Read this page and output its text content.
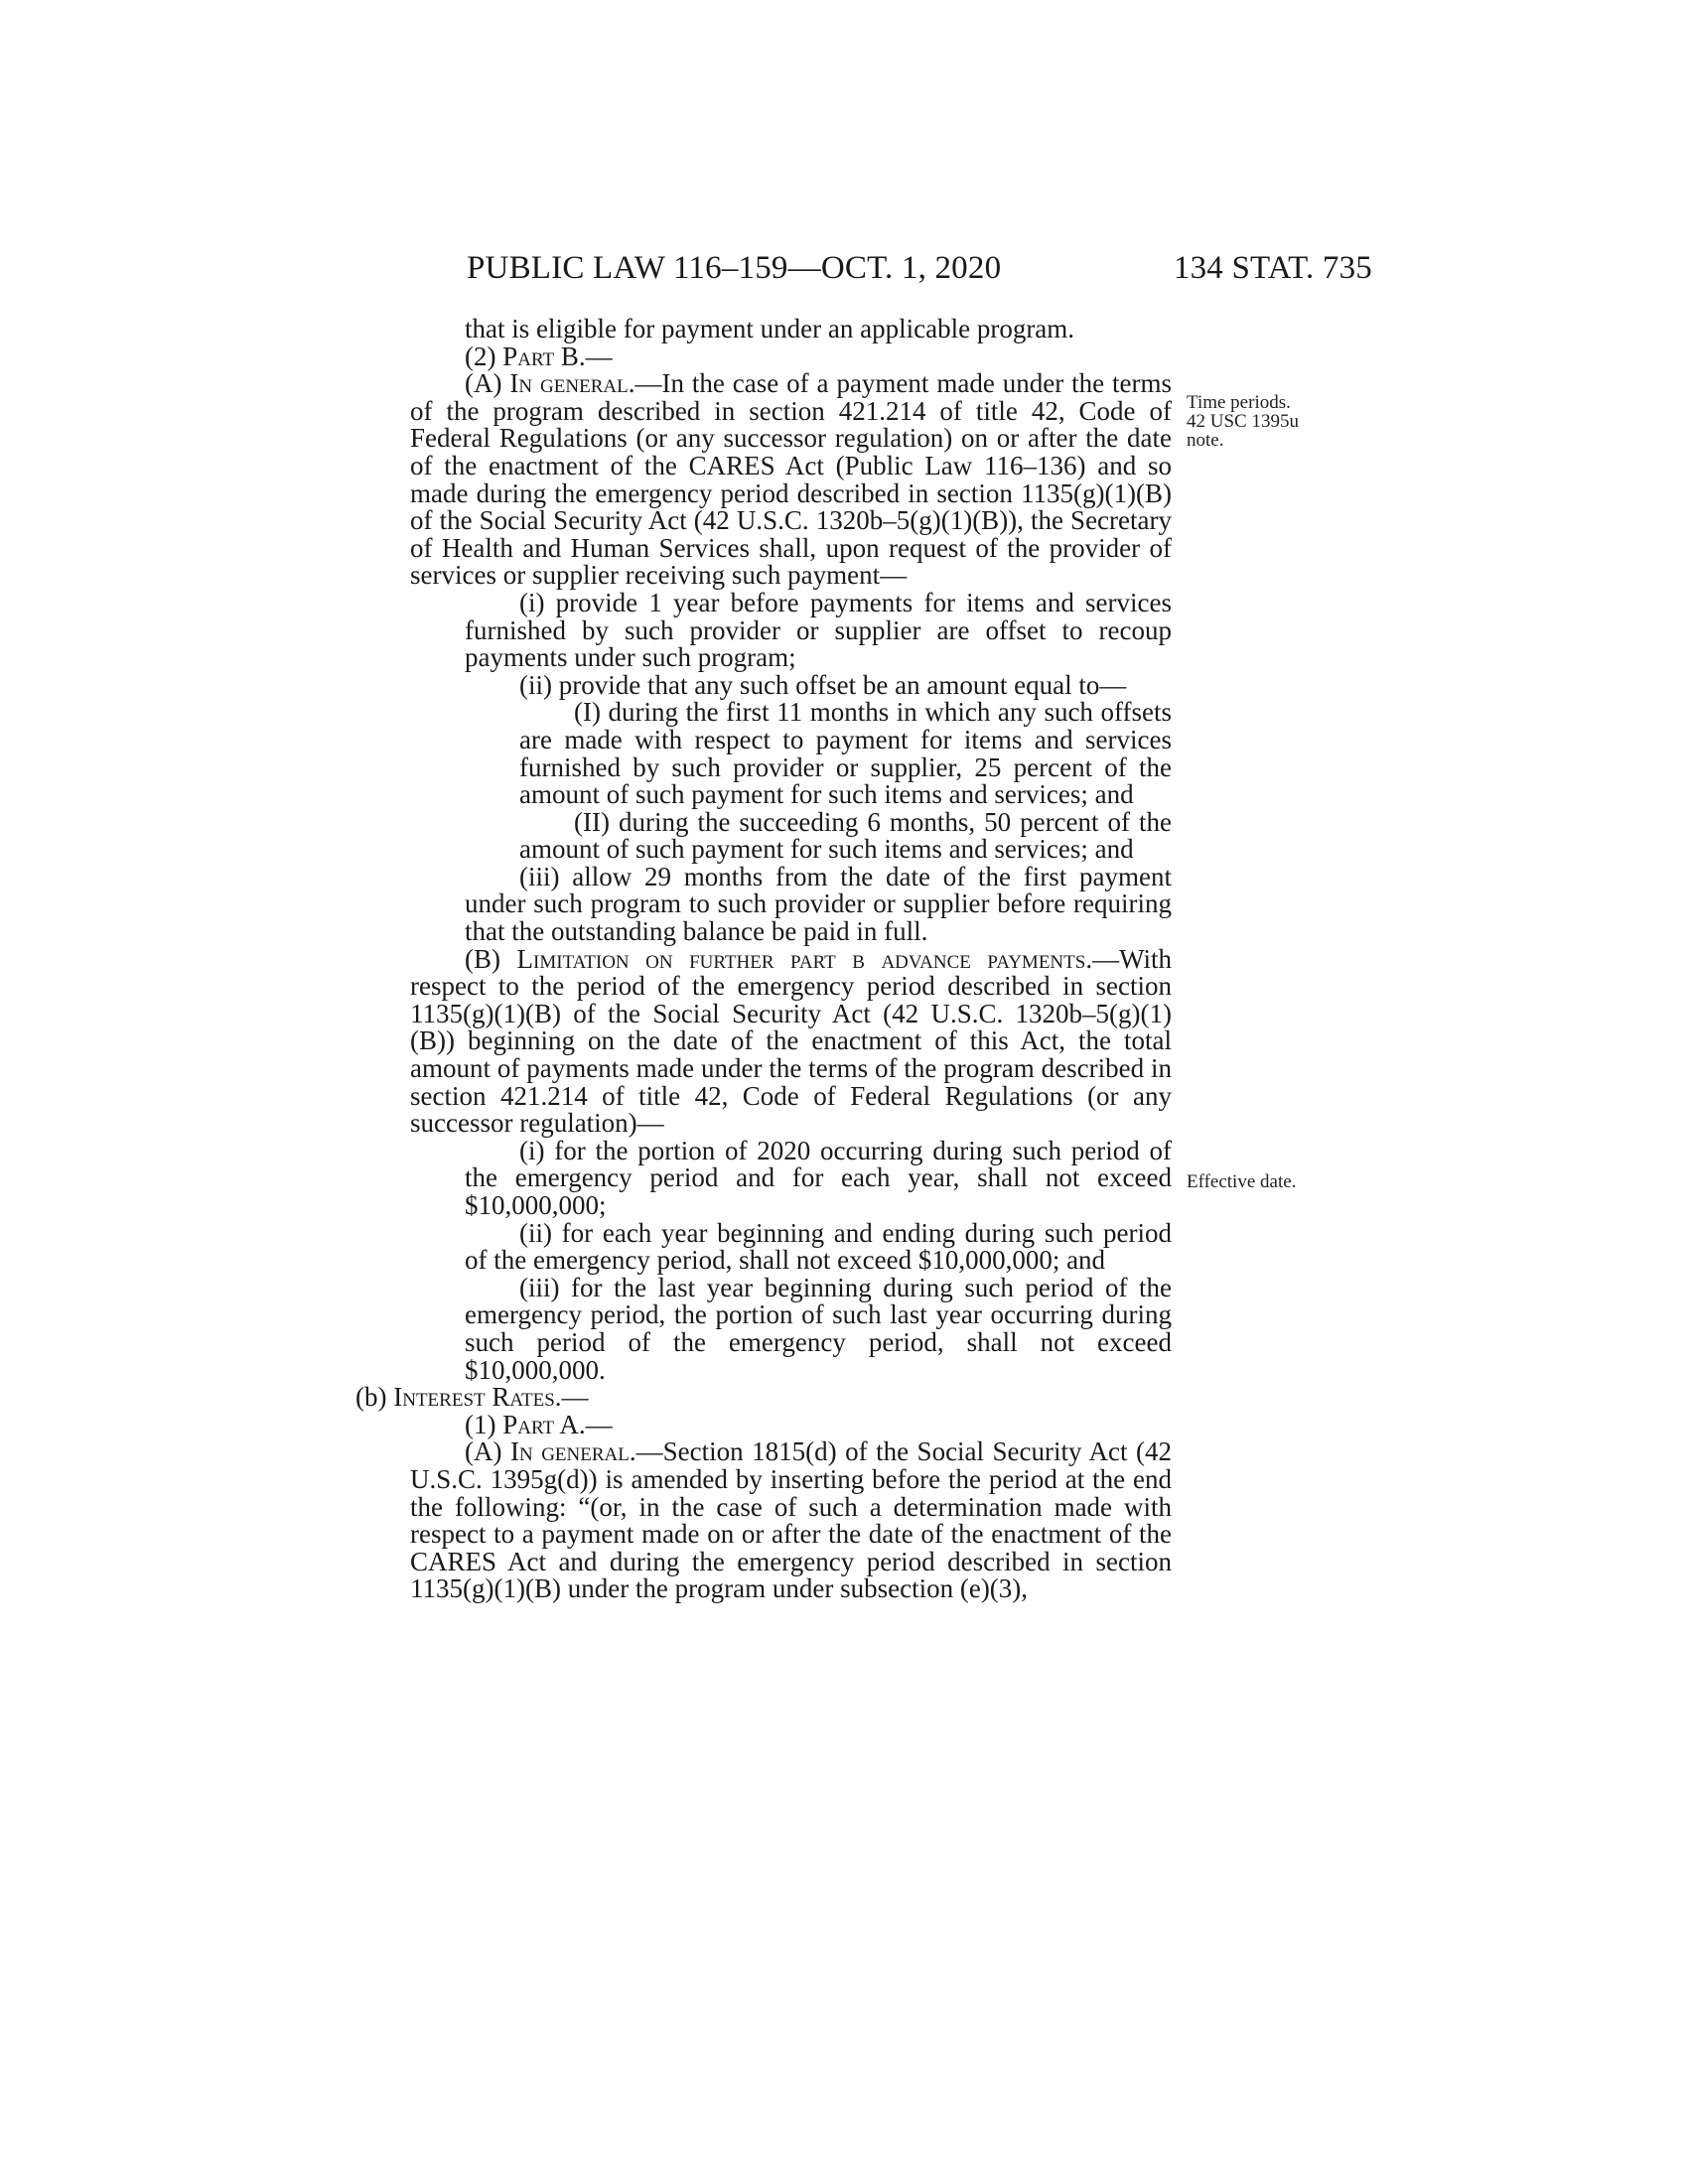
PUBLIC LAW 116–159—OCT. 1, 2020	134 STAT. 735
Time periods.
42 USC 1395u
note.
Effective date.

that is eligible for payment under an applicable program.

(2) Part B.—

(A) In general.—In the case of a payment made under the terms of the program described in section 421.214 of title 42, Code of Federal Regulations (or any successor regulation) on or after the date of the enactment of the CARES Act (Public Law 116–136) and so made during the emergency period described in section 1135(g)(1)(B) of the Social Security Act (42 U.S.C. 1320b–5(g)(1)(B)), the Secretary of Health and Human Services shall, upon request of the provider of services or supplier receiving such payment—

(i) provide 1 year before payments for items and services furnished by such provider or supplier are offset to recoup payments under such program;

(ii) provide that any such offset be an amount equal to—

(I) during the first 11 months in which any such offsets are made with respect to payment for items and services furnished by such provider or supplier, 25 percent of the amount of such payment for such items and services; and

(II) during the succeeding 6 months, 50 percent of the amount of such payment for such items and services; and

(iii) allow 29 months from the date of the first payment under such program to such provider or supplier before requiring that the outstanding balance be paid in full.

(B) Limitation on further part b advance payments.—With respect to the period of the emergency period described in section 1135(g)(1)(B) of the Social Security Act (42 U.S.C. 1320b–5(g)(1)(B)) beginning on the date of the enactment of this Act, the total amount of payments made under the terms of the program described in section 421.214 of title 42, Code of Federal Regulations (or any successor regulation)—

(i) for the portion of 2020 occurring during such period of the emergency period and for each year, shall not exceed $10,000,000;

(ii) for each year beginning and ending during such period of the emergency period, shall not exceed $10,000,000; and

(iii) for the last year beginning during such period of the emergency period, the portion of such last year occurring during such period of the emergency period, shall not exceed $10,000,000.

(b) Interest Rates.—

(1) Part A.—

(A) In general.—Section 1815(d) of the Social Security Act (42 U.S.C. 1395g(d)) is amended by inserting before the period at the end the following: “(or, in the case of such a determination made with respect to a payment made on or after the date of the enactment of the CARES Act and during the emergency period described in section 1135(g)(1)(B) under the program under subsection (e)(3),
